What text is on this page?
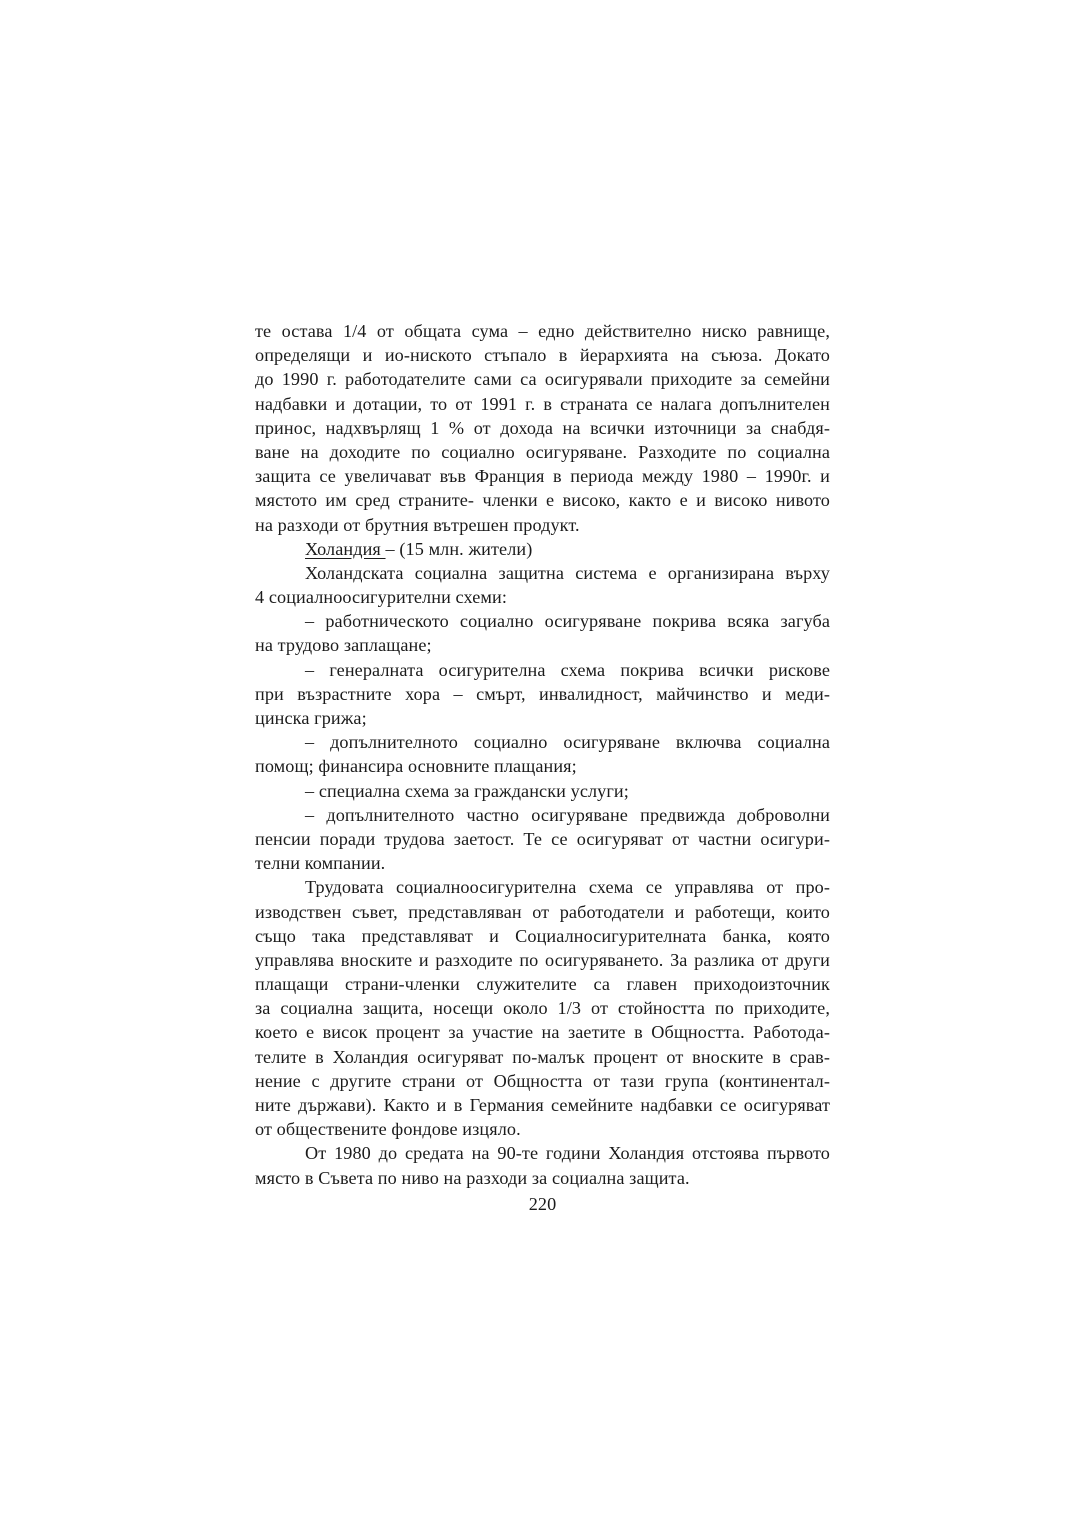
те остава 1/4 от общата сума – едно действително ниско равнище,
определящи и ио-ниското стъпало в йерархията на съюза. Докато
до 1990 г. работодателите сами са осигурявали приходите за семейни
надбавки и дотации, то от 1991 г. в страната се налага допълнителен
принос, надхвърлящ 1 % от дохода на всички източници за снабдя-
ване на доходите по социално осигуряване. Разходите по социална
защита се увеличават във Франция в периода между 1980 – 1990г. и
мястото им сред страните- членки е високо, както е и високо нивото
на разходи от брутния вътрешен продукт.
Холандия – (15 млн. жители)
Холандската социална защитна система е организирана върху
4 социалноосигурителни схеми:
– работническото социално осигуряване покрива всяка загуба
на трудово заплащане;
– генералната осигурителна схема покрива всички рискове
при възрастните хора – смърт, инвалидност, майчинство и меди-
цинска грижа;
– допълнителното социално осигуряване включва социална
помощ; финансира основните плащания;
– специална схема за граждански услуги;
– допълнителното частно осигуряване предвижда доброволни
пенсии поради трудова заетост. Те се осигуряват от частни осигури-
телни компании.
Трудовата социалноосигурителна схема се управлява от про-
изводствен съвет, представляван от работодатели и работещи, които
също така представляват и Социалносигурителната банка, която
управлява вноските и разходите по осигуряването. За разлика от други
плащащи страни-членки служителите са главен приходоизточник
за социална защита, носещи около 1/3 от стойността по приходите,
което е висок процент за участие на заетите в Общността. Работода-
телите в Холандия осигуряват по-малък процент от вноските в срав-
нение с другите страни от Общността от тази група (континентал-
ните държави). Както и в Германия семейните надбавки се осигуряват
от обществените фондове изцяло.
От 1980 до средата на 90-те години Холандия отстоява първото
място в Съвета по ниво на разходи за социална защита.
220
